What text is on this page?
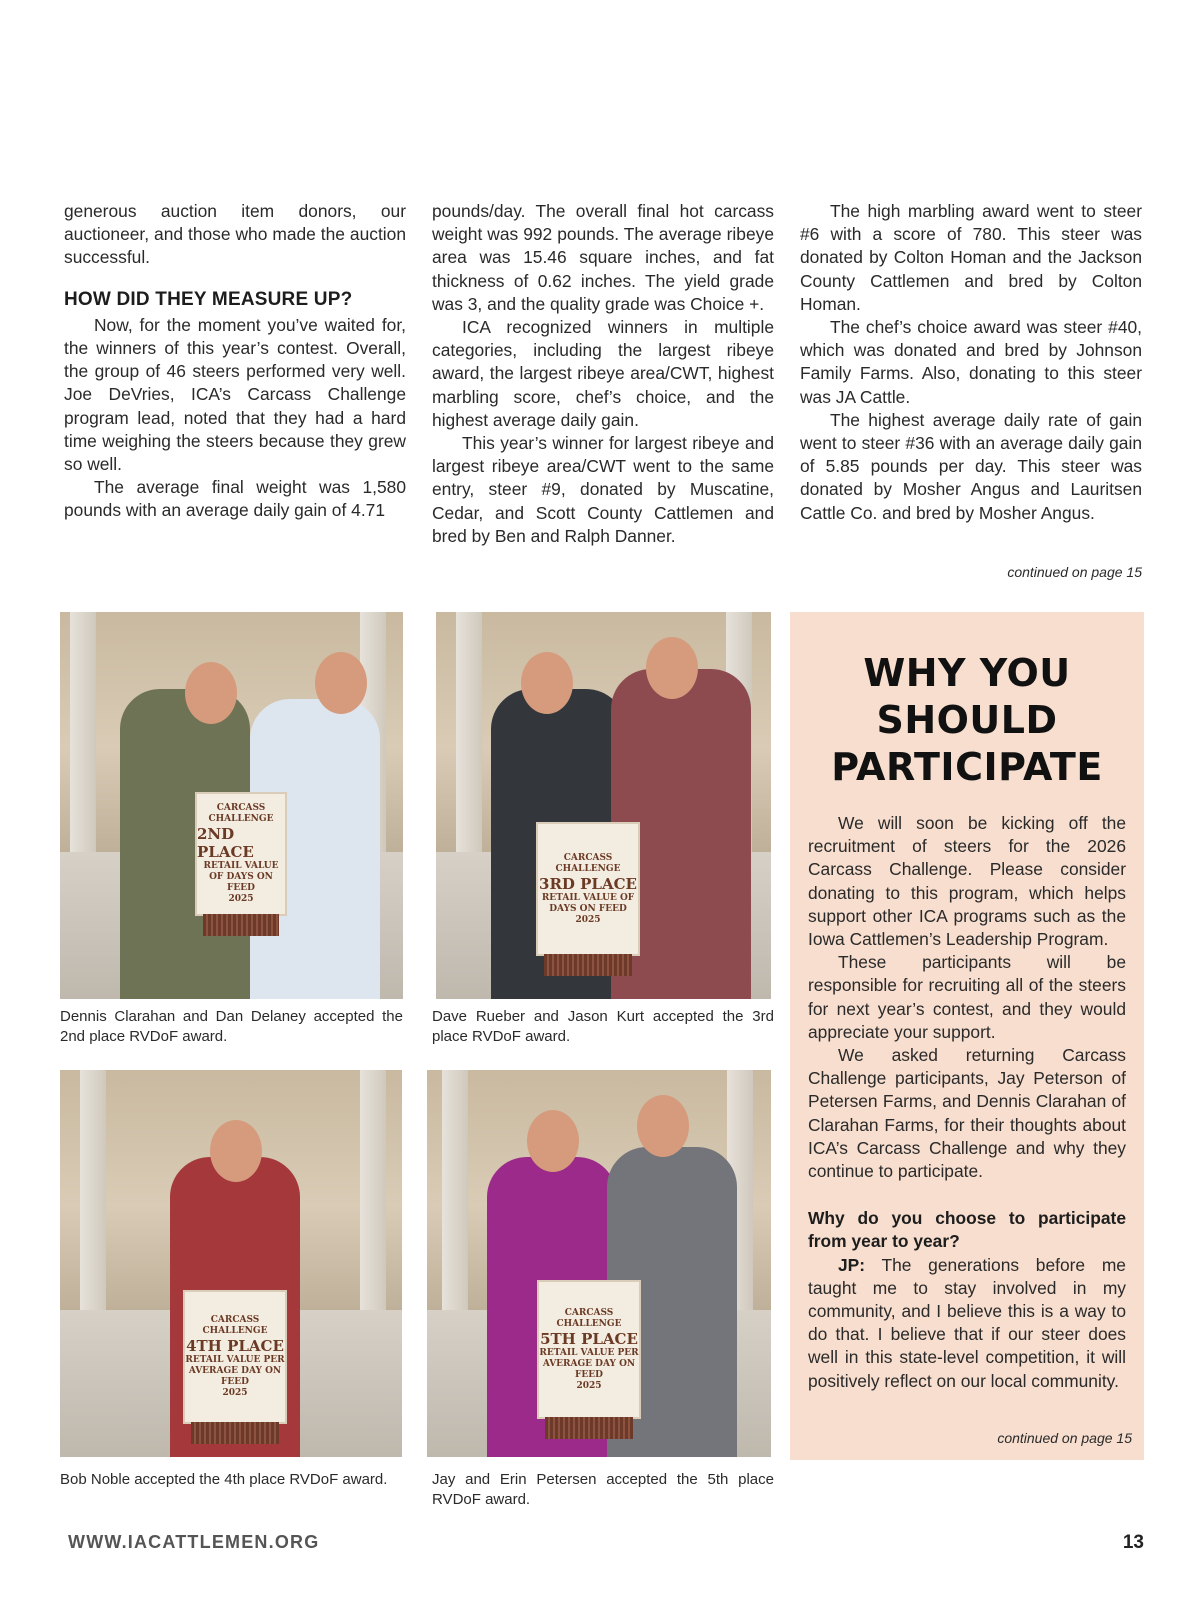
generous auction item donors, our auctioneer, and those who made the auction successful.

HOW DID THEY MEASURE UP?

Now, for the moment you’ve waited for, the winners of this year’s contest. Overall, the group of 46 steers performed very well. Joe DeVries, ICA’s Carcass Challenge program lead, noted that they had a hard time weighing the steers because they grew so well.

The average final weight was 1,580 pounds with an average daily gain of 4.71

pounds/day. The overall final hot carcass weight was 992 pounds. The average ribeye area was 15.46 square inches, and fat thickness of 0.62 inches. The yield grade was 3, and the quality grade was Choice +.

ICA recognized winners in multiple categories, including the largest ribeye award, the largest ribeye area/CWT, highest marbling score, chef’s choice, and the highest average daily gain.

This year’s winner for largest ribeye and largest ribeye area/CWT went to the same entry, steer #9, donated by Muscatine, Cedar, and Scott County Cattlemen and bred by Ben and Ralph Danner.

The high marbling award went to steer #6 with a score of 780. This steer was donated by Colton Homan and the Jackson County Cattlemen and bred by Colton Homan.

The chef’s choice award was steer #40, which was donated and bred by Johnson Family Farms. Also, donating to this steer was JA Cattle.

The highest average daily rate of gain went to steer #36 with an average daily gain of 5.85 pounds per day. This steer was donated by Mosher Angus and Lauritsen Cattle Co. and bred by Mosher Angus.

continued on page 15
CARCASS CHALLENGE
2ND PLACE
RETAIL VALUE OF DAYS ON FEED
2025
Dennis Clarahan and Dan Delaney accepted the 2nd place RVDoF award.
CARCASS CHALLENGE
3RD PLACE
RETAIL VALUE OF DAYS ON FEED
2025
Dave Rueber and Jason Kurt accepted the 3rd place RVDoF award.
CARCASS CHALLENGE
4TH PLACE
RETAIL VALUE PER AVERAGE DAY ON FEED
2025
Bob Noble accepted the 4th place RVDoF award.
CARCASS CHALLENGE
5TH PLACE
RETAIL VALUE PER AVERAGE DAY ON FEED
2025
Jay and Erin Petersen accepted the 5th place RVDoF award.
WHY YOU SHOULD PARTICIPATE

We will soon be kicking off the recruitment of steers for the 2026 Carcass Challenge. Please consider donating to this program, which helps support other ICA programs such as the Iowa Cattlemen’s Leadership Program.

These participants will be responsible for recruiting all of the steers for next year’s contest, and they would appreciate your support.

We asked returning Carcass Challenge participants, Jay Peterson of Petersen Farms, and Dennis Clarahan of Clarahan Farms, for their thoughts about ICA’s Carcass Challenge and why they continue to participate.

Why do you choose to participate from year to year?

JP: The generations before me taught me to stay involved in my community, and I believe this is a way to do that. I believe that if our steer does well in this state-level competition, it will positively reflect on our local community.

continued on page 15
WWW.IACATTLEMEN.ORG	13
